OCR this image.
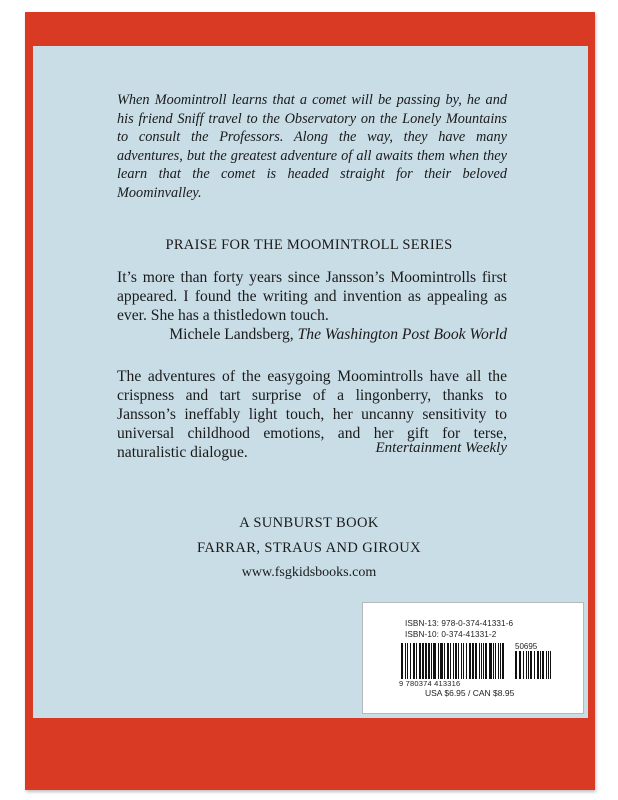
When Moomintroll learns that a comet will be passing by, he and his friend Sniff travel to the Observatory on the Lonely Mountains to consult the Professors. Along the way, they have many adventures, but the greatest adventure of all awaits them when they learn that the comet is headed straight for their beloved Moominvalley.
PRAISE FOR THE MOOMINTROLL SERIES
It’s more than forty years since Jansson’s Moomintrolls first appeared. I found the writing and invention as appealing as ever. She has a thistledown touch.
Michele Landsberg, The Washington Post Book World
The adventures of the easygoing Moomintrolls have all the crispness and tart surprise of a lingonberry, thanks to Jansson’s ineffably light touch, her uncanny sensitivity to universal childhood emotions, and her gift for terse, naturalistic dialogue.	Entertainment Weekly
A SUNBURST BOOK
FARRAR, STRAUS AND GIROUX
www.fsgkidsbooks.com
ISBN-13: 978-0-374-41331-6
ISBN-10: 0-374-41331-2
50695
9 780374 413316
USA $6.95 / CAN $8.95
